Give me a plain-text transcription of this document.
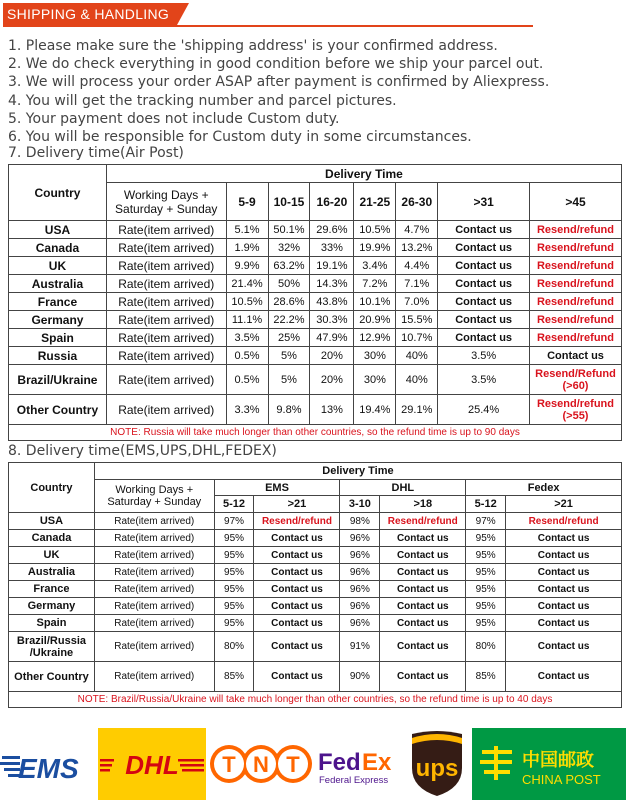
SHIPPING & HANDLING
1. Please make sure the 'shipping address' is your confirmed address.
2. We do check everything in good condition before we ship your parcel out.
3. We will process your order ASAP after payment is confirmed by Aliexpress.
4. You will get the tracking number and parcel pictures.
5. Your payment does not include Custom duty.
6. You will be responsible for Custom duty in some circumstances.
7. Delivery time(Air Post)
Country	Delivery Time							
	Working Days + Saturday + Sunday	5-9	10-15	16-20	21-25	26-30	>31	>45
USA	Rate(item arrived)	5.1%	50.1%	29.6%	10.5%	4.7%	Contact us	Resend/refund
Canada	Rate(item arrived)	1.9%	32%	33%	19.9%	13.2%	Contact us	Resend/refund
UK	Rate(item arrived)	9.9%	63.2%	19.1%	3.4%	4.4%	Contact us	Resend/refund
Australia	Rate(item arrived)	21.4%	50%	14.3%	7.2%	7.1%	Contact us	Resend/refund
France	Rate(item arrived)	10.5%	28.6%	43.8%	10.1%	7.0%	Contact us	Resend/refund
Germany	Rate(item arrived)	11.1%	22.2%	30.3%	20.9%	15.5%	Contact us	Resend/refund
Spain	Rate(item arrived)	3.5%	25%	47.9%	12.9%	10.7%	Contact us	Resend/refund
Russia	Rate(item arrived)	0.5%	5%	20%	30%	40%	3.5%	Contact us
Brazil/Ukraine	Rate(item arrived)	0.5%	5%	20%	30%	40%	3.5%	Resend/Refund (>60)
Other Country	Rate(item arrived)	3.3%	9.8%	13%	19.4%	29.1%	25.4%	Resend/refund (>55)
NOTE: Russia will take much longer than other countries, so the refund time is up to 90 days								
8. Delivery time(EMS,UPS,DHL,FEDEX)
Country	Delivery Time						
	Working Days + Saturday + Sunday	EMS		DHL		Fedex	
		5-12	>21	3-10	>18	5-12	>21
USA	Rate(item arrived)	97%	Resend/refund	98%	Resend/refund	97%	Resend/refund
Canada	Rate(item arrived)	95%	Contact us	96%	Contact us	95%	Contact us
UK	Rate(item arrived)	95%	Contact us	96%	Contact us	95%	Contact us
Australia	Rate(item arrived)	95%	Contact us	96%	Contact us	95%	Contact us
France	Rate(item arrived)	95%	Contact us	96%	Contact us	95%	Contact us
Germany	Rate(item arrived)	95%	Contact us	96%	Contact us	95%	Contact us
Spain	Rate(item arrived)	95%	Contact us	96%	Contact us	95%	Contact us
Brazil/Russia /Ukraine	Rate(item arrived)	80%	Contact us	91%	Contact us	80%	Contact us
Other Country	Rate(item arrived)	85%	Contact us	90%	Contact us	85%	Contact us
NOTE: Brazil/Russia/Ukraine will take much longer than other countries, so the refund time is up to 40 days							
EMS DHL T N T Fed Ex
Federal Express ups	中国邮政
CHINA POST
